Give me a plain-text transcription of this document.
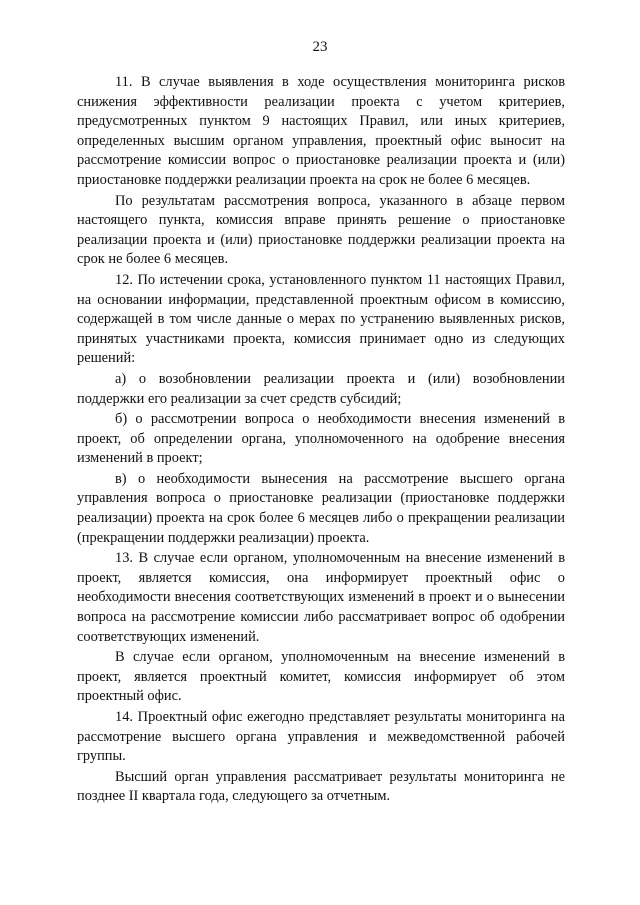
23

11. В случае выявления в ходе осуществления мониторинга рисков снижения эффективности реализации проекта с учетом критериев, предусмотренных пунктом 9 настоящих Правил, или иных критериев, определенных высшим органом управления, проектный офис выносит на рассмотрение комиссии вопрос о приостановке реализации проекта и (или) приостановке поддержки реализации проекта на срок не более 6 месяцев.

По результатам рассмотрения вопроса, указанного в абзаце первом настоящего пункта, комиссия вправе принять решение о приостановке реализации проекта и (или) приостановке поддержки реализации проекта на срок не более 6 месяцев.

12. По истечении срока, установленного пунктом 11 настоящих Правил, на основании информации, представленной проектным офисом в комиссию, содержащей в том числе данные о мерах по устранению выявленных рисков, принятых участниками проекта, комиссия принимает одно из следующих решений:

а) о возобновлении реализации проекта и (или) возобновлении поддержки его реализации за счет средств субсидий;

б) о рассмотрении вопроса о необходимости внесения изменений в проект, об определении органа, уполномоченного на одобрение внесения изменений в проект;

в) о необходимости вынесения на рассмотрение высшего органа управления вопроса о приостановке реализации (приостановке поддержки реализации) проекта на срок более 6 месяцев либо о прекращении реализации (прекращении поддержки реализации) проекта.

13. В случае если органом, уполномоченным на внесение изменений в проект, является комиссия, она информирует проектный офис о необходимости внесения соответствующих изменений в проект и о вынесении вопроса на рассмотрение комиссии либо рассматривает вопрос об одобрении соответствующих изменений.

В случае если органом, уполномоченным на внесение изменений в проект, является проектный комитет, комиссия информирует об этом проектный офис.

14. Проектный офис ежегодно представляет результаты мониторинга на рассмотрение высшего органа управления и межведомственной рабочей группы.

Высший орган управления рассматривает результаты мониторинга не позднее II квартала года, следующего за отчетным.
